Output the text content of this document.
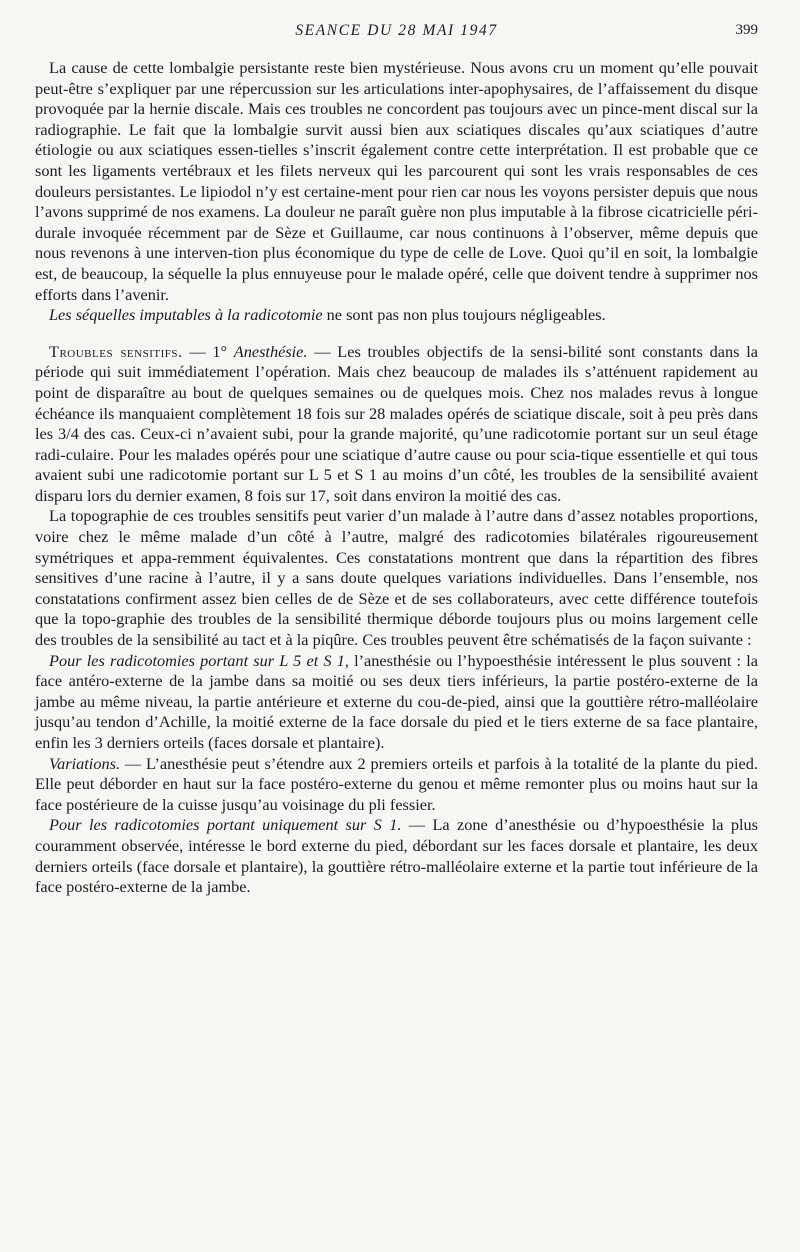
SEANCE DU 28 MAI 1947	399

La cause de cette lombalgie persistante reste bien mystérieuse. Nous avons cru un moment qu’elle pouvait peut-être s’expliquer par une répercussion sur les articulations inter-apophysaires, de l’affaissement du disque provoquée par la hernie discale. Mais ces troubles ne concordent pas toujours avec un pince-ment discal sur la radiographie. Le fait que la lombalgie survit aussi bien aux sciatiques discales qu’aux sciatiques d’autre étiologie ou aux sciatiques essen-tielles s’inscrit également contre cette interprétation. Il est probable que ce sont les ligaments vertébraux et les filets nerveux qui les parcourent qui sont les vrais responsables de ces douleurs persistantes. Le lipiodol n’y est certaine-ment pour rien car nous les voyons persister depuis que nous l’avons supprimé de nos examens. La douleur ne paraît guère non plus imputable à la fibrose cicatricielle péri-durale invoquée récemment par de Sèze et Guillaume, car nous continuons à l’observer, même depuis que nous revenons à une interven-tion plus économique du type de celle de Love. Quoi qu’il en soit, la lombalgie est, de beaucoup, la séquelle la plus ennuyeuse pour le malade opéré, celle que doivent tendre à supprimer nos efforts dans l’avenir.

Les séquelles imputables à la radicotomie ne sont pas non plus toujours négligeables.

Troubles sensitifs. — 1° Anesthésie. — Les troubles objectifs de la sensi-bilité sont constants dans la période qui suit immédiatement l’opération. Mais chez beaucoup de malades ils s’atténuent rapidement au point de disparaître au bout de quelques semaines ou de quelques mois. Chez nos malades revus à longue échéance ils manquaient complètement 18 fois sur 28 malades opérés de sciatique discale, soit à peu près dans les 3/4 des cas. Ceux-ci n’avaient subi, pour la grande majorité, qu’une radicotomie portant sur un seul étage radi-culaire. Pour les malades opérés pour une sciatique d’autre cause ou pour scia-tique essentielle et qui tous avaient subi une radicotomie portant sur L 5 et S 1 au moins d’un côté, les troubles de la sensibilité avaient disparu lors du dernier examen, 8 fois sur 17, soit dans environ la moitié des cas.

La topographie de ces troubles sensitifs peut varier d’un malade à l’autre dans d’assez notables proportions, voire chez le même malade d’un côté à l’autre, malgré des radicotomies bilatérales rigoureusement symétriques et appa-remment équivalentes. Ces constatations montrent que dans la répartition des fibres sensitives d’une racine à l’autre, il y a sans doute quelques variations individuelles. Dans l’ensemble, nos constatations confirment assez bien celles de de Sèze et de ses collaborateurs, avec cette différence toutefois que la topo-graphie des troubles de la sensibilité thermique déborde toujours plus ou moins largement celle des troubles de la sensibilité au tact et à la piqûre. Ces troubles peuvent être schématisés de la façon suivante :

Pour les radicotomies portant sur L 5 et S 1, l’anesthésie ou l’hypoesthésie intéressent le plus souvent : la face antéro-externe de la jambe dans sa moitié ou ses deux tiers inférieurs, la partie postéro-externe de la jambe au même niveau, la partie antérieure et externe du cou-de-pied, ainsi que la gouttière rétro-malléolaire jusqu’au tendon d’Achille, la moitié externe de la face dorsale du pied et le tiers externe de sa face plantaire, enfin les 3 derniers orteils (faces dorsale et plantaire).

Variations. — L’anesthésie peut s’étendre aux 2 premiers orteils et parfois à la totalité de la plante du pied. Elle peut déborder en haut sur la face postéro-externe du genou et même remonter plus ou moins haut sur la face postérieure de la cuisse jusqu’au voisinage du pli fessier.

Pour les radicotomies portant uniquement sur S 1. — La zone d’anesthésie ou d’hypoesthésie la plus couramment observée, intéresse le bord externe du pied, débordant sur les faces dorsale et plantaire, les deux derniers orteils (face dorsale et plantaire), la gouttière rétro-malléolaire externe et la partie tout inférieure de la face postéro-externe de la jambe.
